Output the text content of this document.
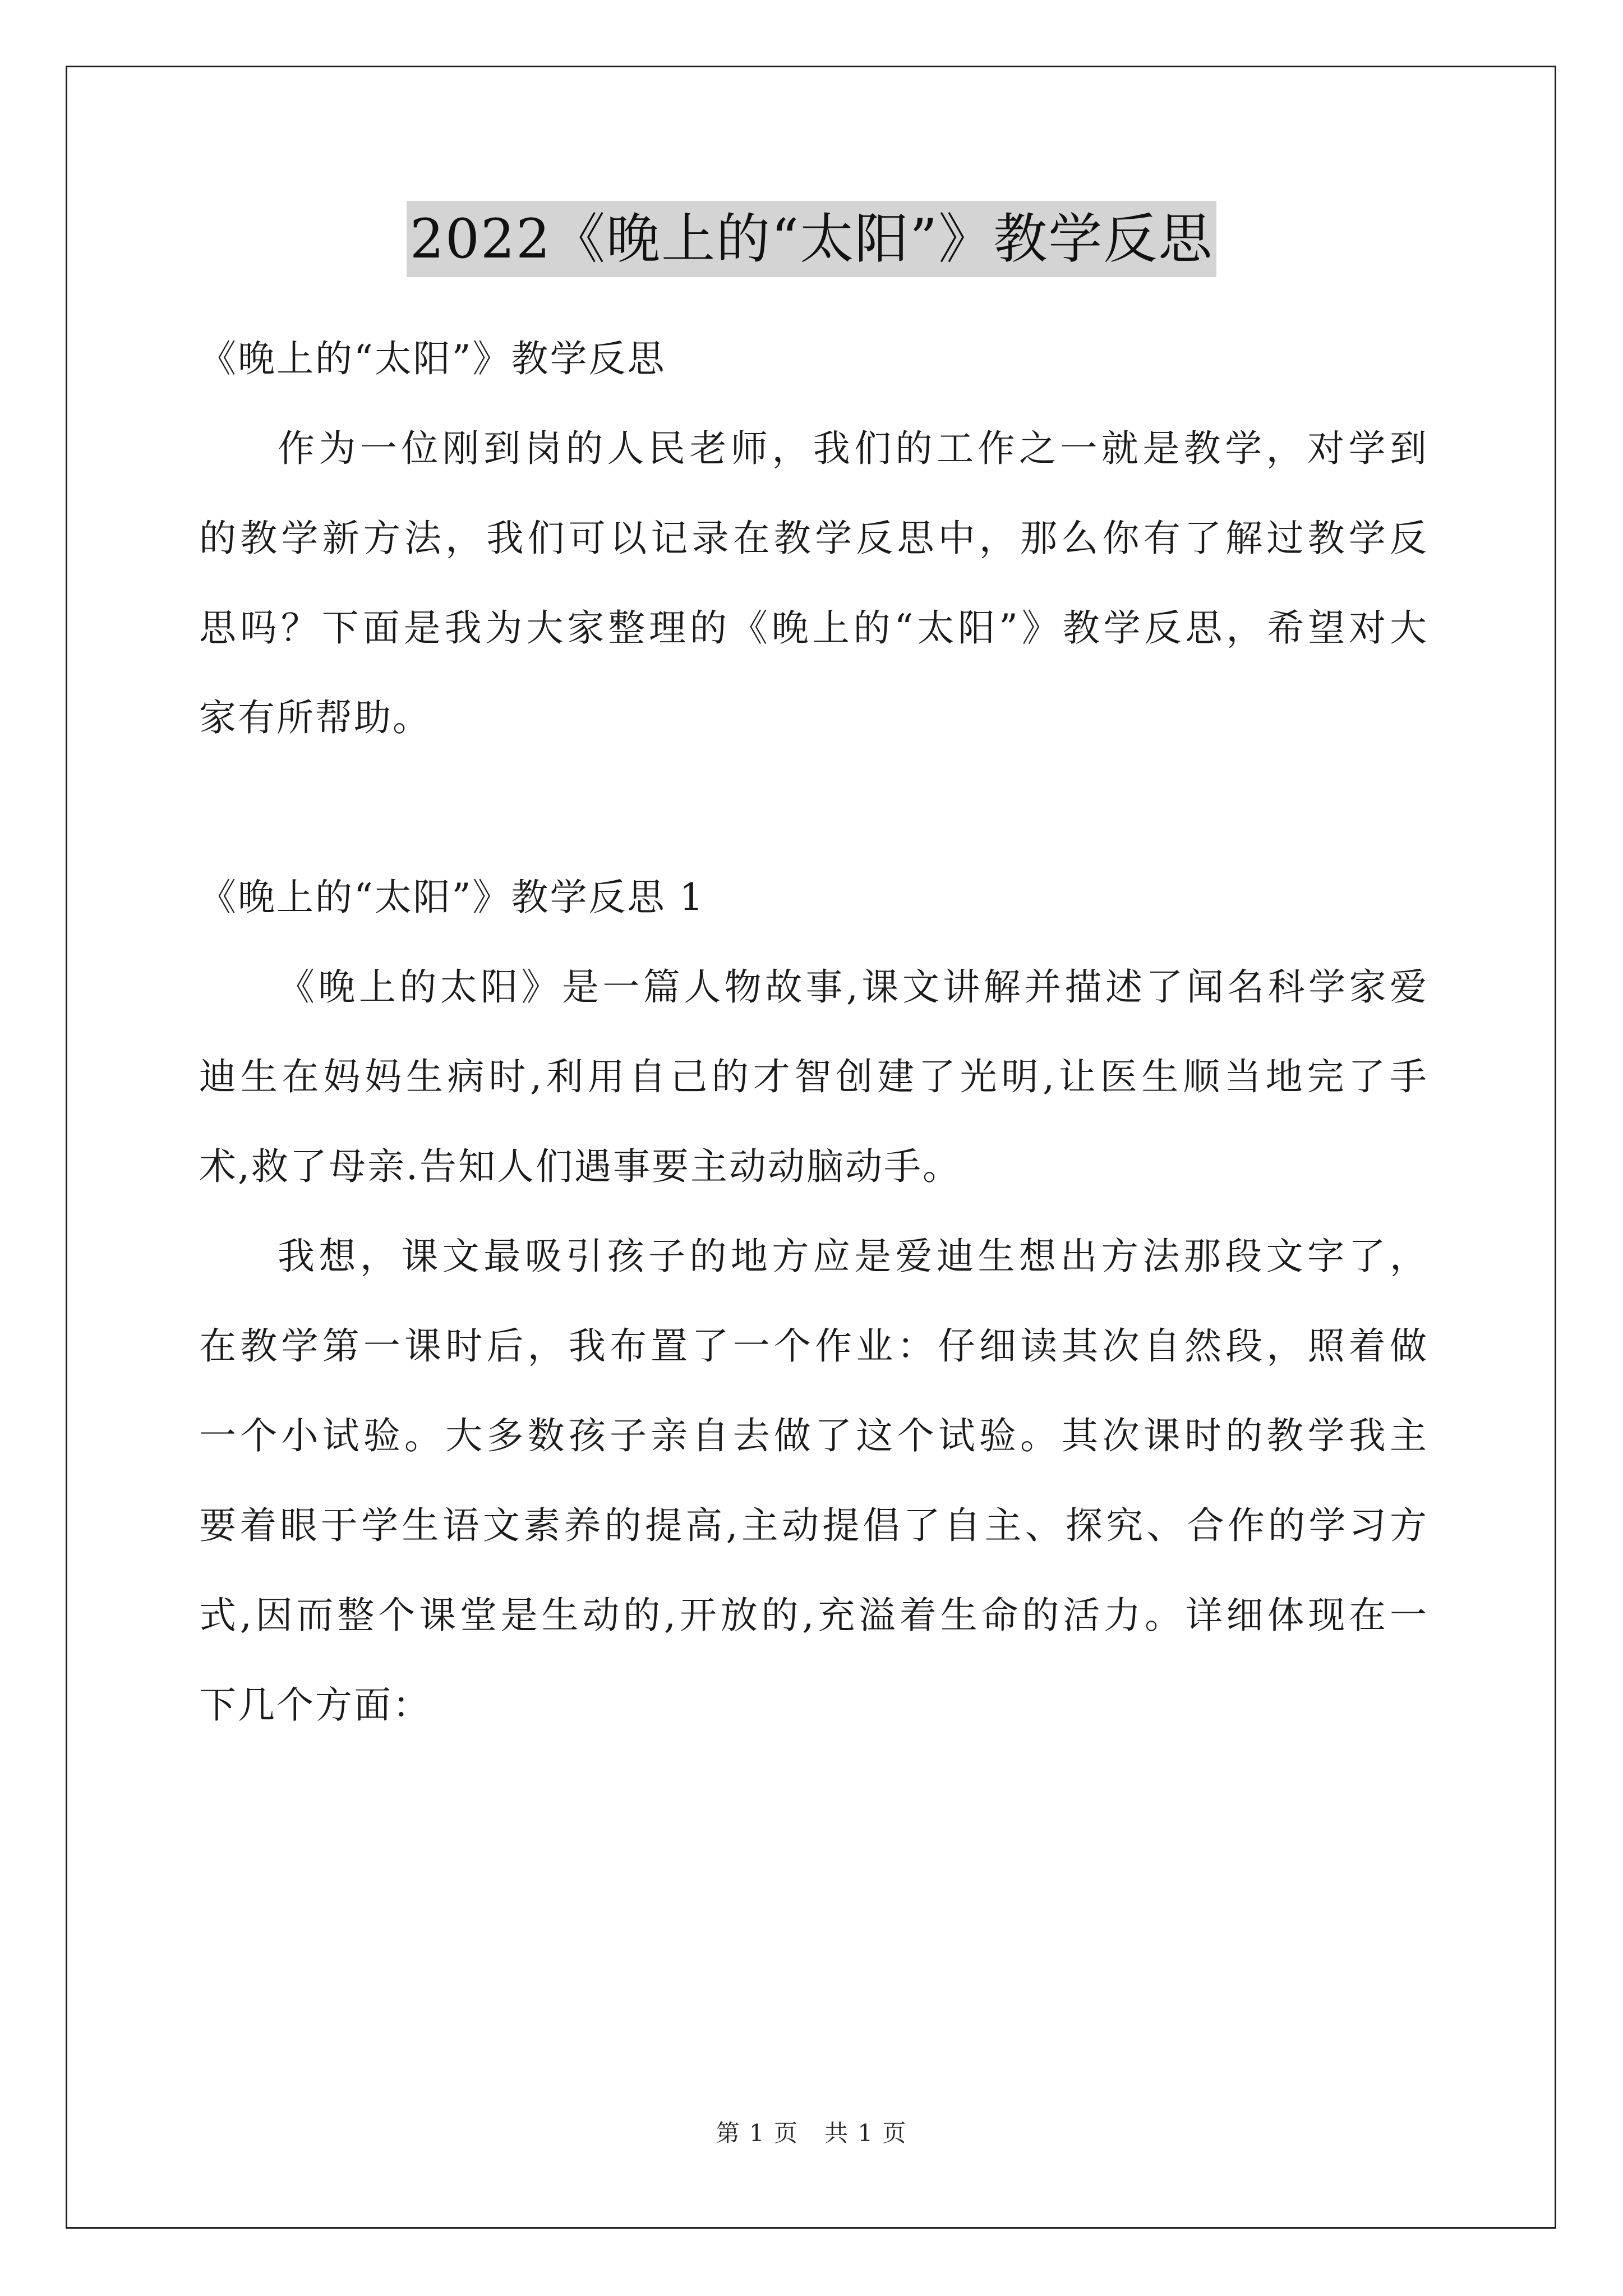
2022《晚上的“太阳”》教学反思
《晚上的“太阳”》教学反思
作为一位刚到岗的人民老师，我们的工作之一就是教学，对学到
的教学新方法，我们可以记录在教学反思中，那么你有了解过教学反
思吗？下面是我为大家整理的《晚上的“太阳”》教学反思，希望对大
家有所帮助。
《晚上的“太阳”》教学反思 1
《晚上的太阳》是一篇人物故事,课文讲解并描述了闻名科学家爱
迪生在妈妈生病时,利用自己的才智创建了光明,让医生顺当地完了手
术,救了母亲.告知人们遇事要主动动脑动手。
我想，课文最吸引孩子的地方应是爱迪生想出方法那段文字了，
在教学第一课时后，我布置了一个作业：仔细读其次自然段，照着做
一个小试验。大多数孩子亲自去做了这个试验。其次课时的教学我主
要着眼于学生语文素养的提高,主动提倡了自主、探究、合作的学习方
式,因而整个课堂是生动的,开放的,充溢着生命的活力。详细体现在一
下几个方面：
第 1 页 共 1 页
